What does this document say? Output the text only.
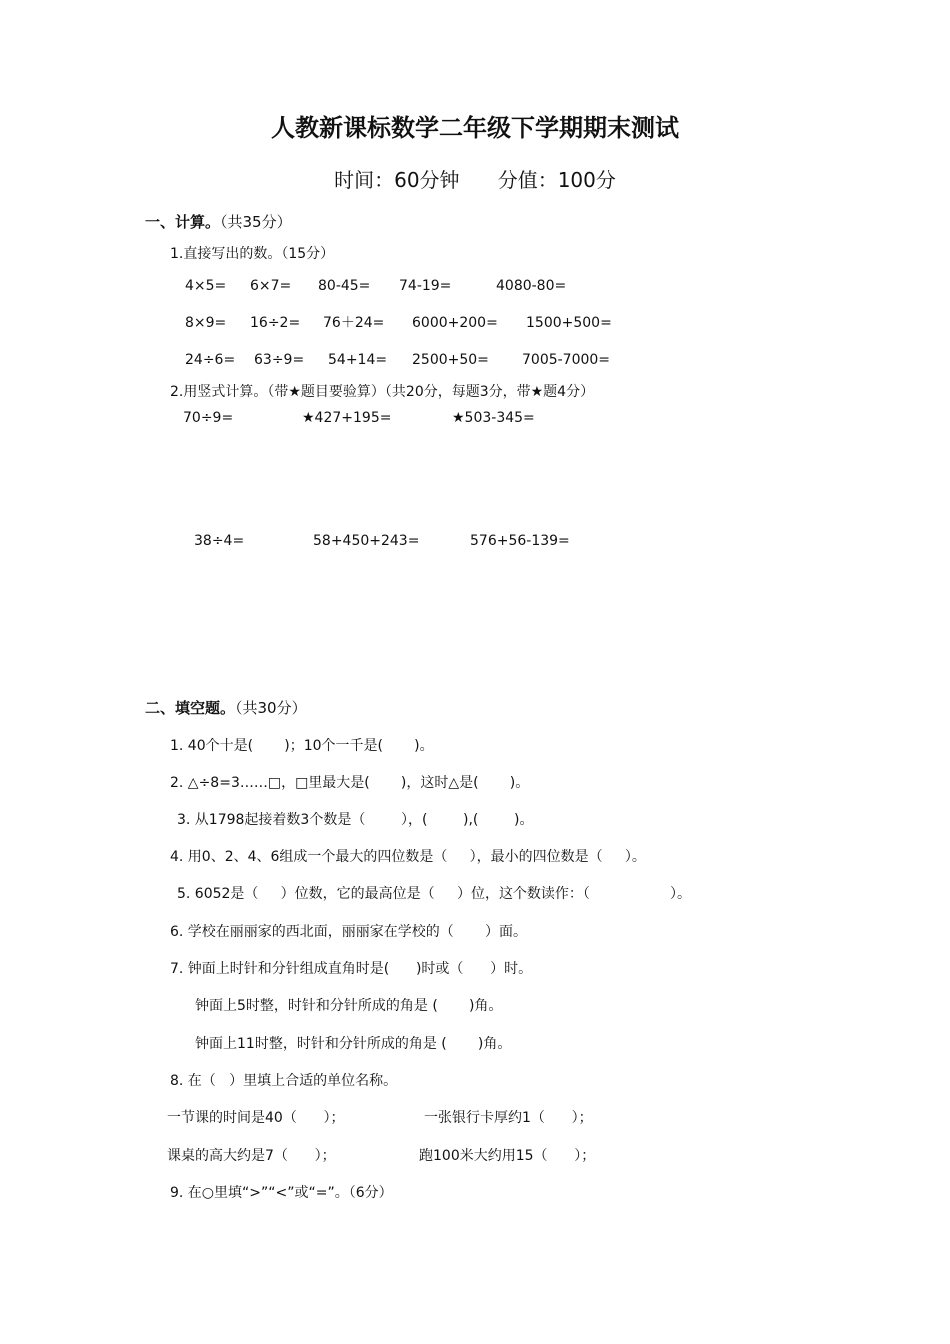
人教新课标数学二年级下学期期末测试
时间：60分钟      分值：100分
一、计算。（共35分）
1.直接写出的数。（15分）
4×5= 6×7= 80-45= 74-19=	4080-80=
8×9= 16÷2= 76＋24= 6000+200= 1500+500=
24÷6= 63÷9= 54+14= 2500+50= 7005-7000=
2.用竖式计算。（带★题目要验算）（共20分，每题3分，带★题4分）
70÷9=	★427+195=	★503-345=
38÷4=	58+450+243=	576+56-139=
二、填空题。（共30分）
1. 40个十是(       )；10个一千是(       )。
2. △÷8=3……□，□里最大是(       )，这时△是(       )。
3. 从1798起接着数3个数是（        ），(        ),(        )。
4. 用0、2、4、6组成一个最大的四位数是（     ），最小的四位数是（     ）。
5. 6052是（     ）位数，它的最高位是（     ）位，这个数读作：（                  ）。
6. 学校在丽丽家的西北面，丽丽家在学校的（       ）面。
7. 钟面上时针和分针组成直角时是(      )时或（      ）时。
钟面上5时整，时针和分针所成的角是 (       )角。
钟面上11时整，时针和分针所成的角是 (       )角。
8. 在（   ）里填上合适的单位名称。
一节课的时间是40（      ）；	一张银行卡厚约1（      ）；
课桌的高大约是7（      ）；	跑100米大约用15（      ）；
9. 在○里填“>”“<”或“=”。（6分）
